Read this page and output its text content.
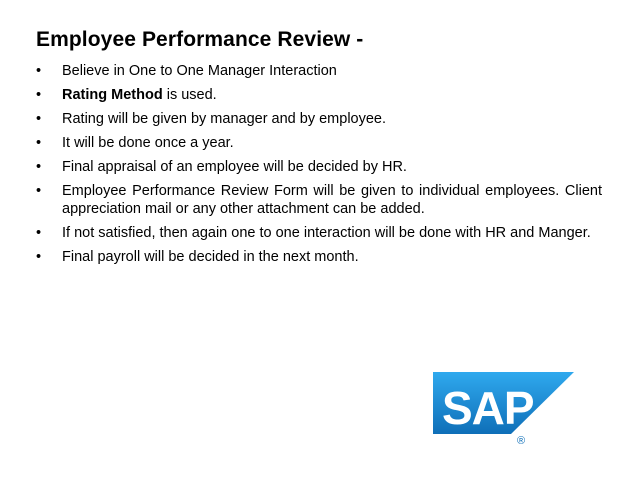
Employee Performance Review -
• Believe in One to One Manager Interaction
• Rating Method is used.
• Rating will be given by manager and by employee.
• It will be done once a year.
• Final appraisal of an employee will be decided by HR.
• Employee Performance Review Form will be given to individual employees. Client appreciation mail or any other attachment can be added.
• If not satisfied, then again one to one interaction will be done with HR and Manger.
• Final payroll will be decided in the next month.
SAP
®
